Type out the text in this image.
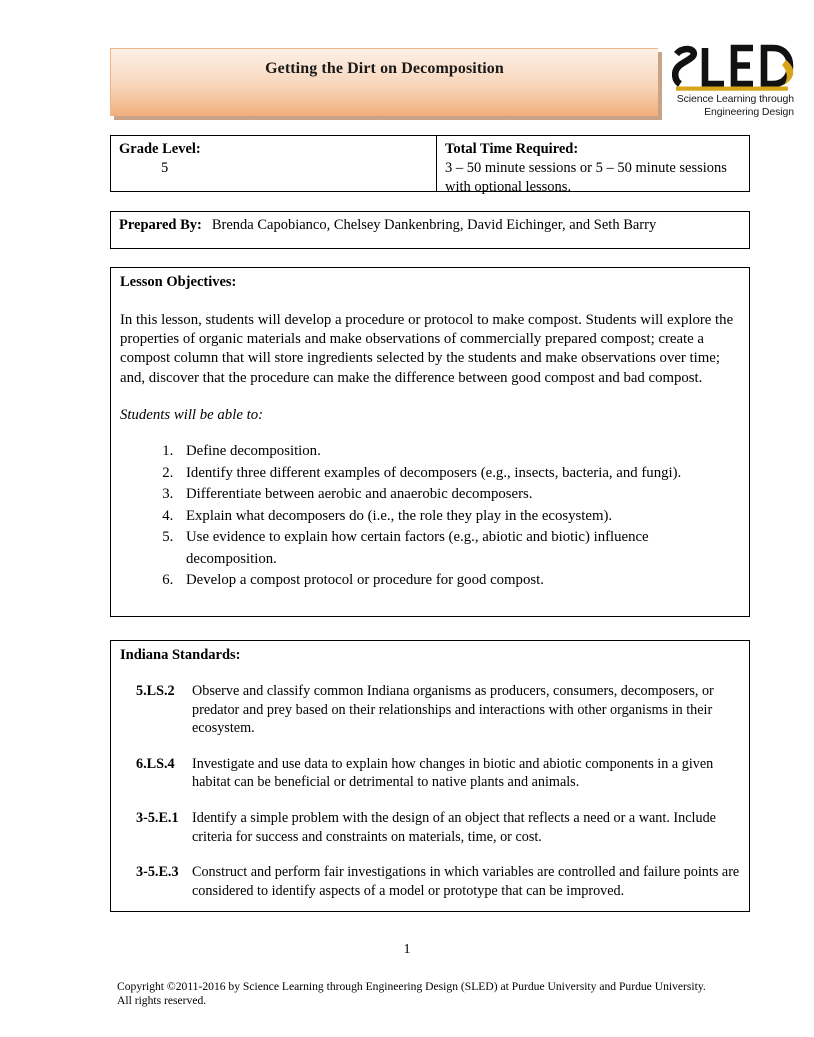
Getting the Dirt on Decomposition
Science Learning through
Engineering Design
Grade Level:
5
Total Time Required:
3 – 50 minute sessions or 5 – 50 minute sessions with optional lessons.
Prepared By: Brenda Capobianco, Chelsey Dankenbring, David Eichinger, and Seth Barry
Lesson Objectives:
In this lesson, students will develop a procedure or protocol to make compost. Students will explore the properties of organic materials and make observations of commercially prepared compost; create a compost column that will store ingredients selected by the students and make observations over time; and, discover that the procedure can make the difference between good compost and bad compost.
Students will be able to:
1. Define decomposition.
2. Identify three different examples of decomposers (e.g., insects, bacteria, and fungi).
3. Differentiate between aerobic and anaerobic decomposers.
4. Explain what decomposers do (i.e., the role they play in the ecosystem).
5. Use evidence to explain how certain factors (e.g., abiotic and biotic) influence decomposition.
6. Develop a compost protocol or procedure for good compost.
Indiana Standards:
5.LS.2	Observe and classify common Indiana organisms as producers, consumers, decomposers, or predator and prey based on their relationships and interactions with other organisms in their ecosystem.
6.LS.4	Investigate and use data to explain how changes in biotic and abiotic components in a given habitat can be beneficial or detrimental to native plants and animals.
3-5.E.1 Identify a simple problem with the design of an object that reflects a need or a want. Include criteria for success and constraints on materials, time, or cost.
3-5.E.3 Construct and perform fair investigations in which variables are controlled and failure points are considered to identify aspects of a model or prototype that can be improved.
1
Copyright ©2011-2016 by Science Learning through Engineering Design (SLED) at Purdue University and Purdue University.
All rights reserved.
